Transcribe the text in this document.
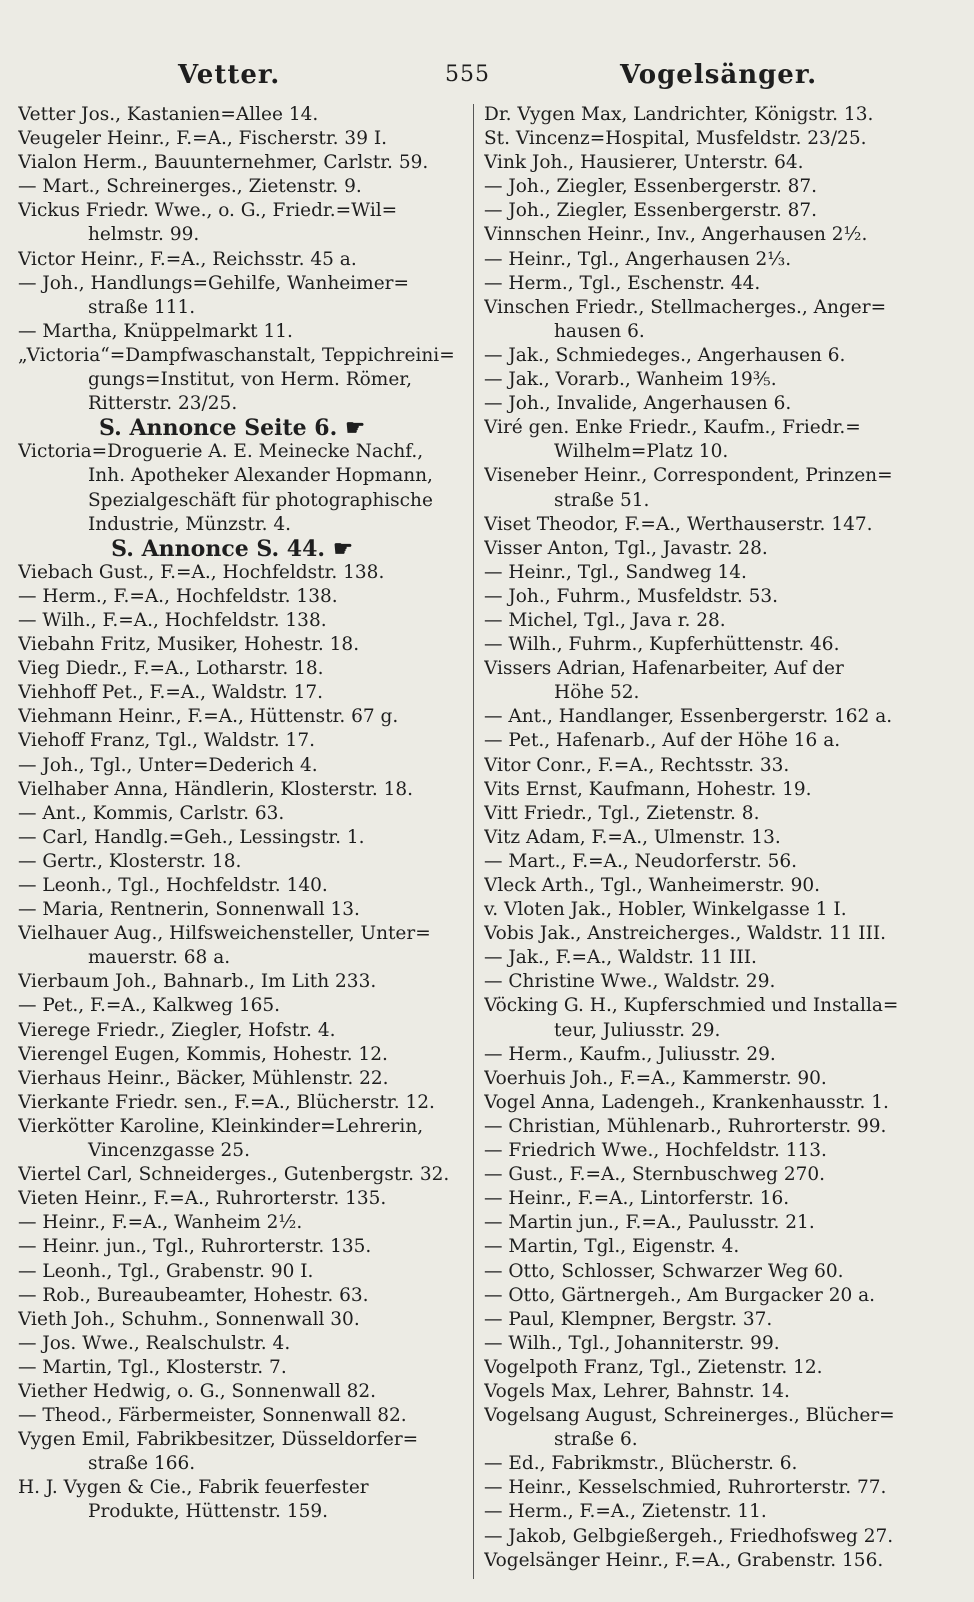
Vetter.	555	Vogelsänger.
Vetter Jos., Kastanien=Allee 14.
Veugeler Heinr., F.=A., Fischerstr. 39 I.
Vialon Herm., Bauunternehmer, Carlstr. 59.
— Mart., Schreinerges., Zietenstr. 9.
Vickus Friedr. Wwe., o. G., Friedr.=Wil=
helmstr. 99.
Victor Heinr., F.=A., Reichsstr. 45 a.
— Joh., Handlungs=Gehilfe, Wanheimer=
straße 111.
— Martha, Knüppelmarkt 11.
„Victoria“=Dampfwaschanstalt, Teppichreini=
gungs=Institut, von Herm. Römer,
Ritterstr. 23/25.
S. Annonce Seite 6. ☛
Victoria=Droguerie A. E. Meinecke Nachf.,
Inh. Apotheker Alexander Hopmann,
Spezialgeschäft für photographische
Industrie, Münzstr. 4.
S. Annonce S. 44. ☛
Viebach Gust., F.=A., Hochfeldstr. 138.
— Herm., F.=A., Hochfeldstr. 138.
— Wilh., F.=A., Hochfeldstr. 138.
Viebahn Fritz, Musiker, Hohestr. 18.
Vieg Diedr., F.=A., Lotharstr. 18.
Viehhoff Pet., F.=A., Waldstr. 17.
Viehmann Heinr., F.=A., Hüttenstr. 67 g.
Viehoff Franz, Tgl., Waldstr. 17.
— Joh., Tgl., Unter=Dederich 4.
Vielhaber Anna, Händlerin, Klosterstr. 18.
— Ant., Kommis, Carlstr. 63.
— Carl, Handlg.=Geh., Lessingstr. 1.
— Gertr., Klosterstr. 18.
— Leonh., Tgl., Hochfeldstr. 140.
— Maria, Rentnerin, Sonnenwall 13.
Vielhauer Aug., Hilfsweichensteller, Unter=
mauerstr. 68 a.
Vierbaum Joh., Bahnarb., Im Lith 233.
— Pet., F.=A., Kalkweg 165.
Vierege Friedr., Ziegler, Hofstr. 4.
Vierengel Eugen, Kommis, Hohestr. 12.
Vierhaus Heinr., Bäcker, Mühlenstr. 22.
Vierkante Friedr. sen., F.=A., Blücherstr. 12.
Vierkötter Karoline, Kleinkinder=Lehrerin,
Vincenzgasse 25.
Viertel Carl, Schneiderges., Gutenbergstr. 32.
Vieten Heinr., F.=A., Ruhrorterstr. 135.
— Heinr., F.=A., Wanheim 2½.
— Heinr. jun., Tgl., Ruhrorterstr. 135.
— Leonh., Tgl., Grabenstr. 90 I.
— Rob., Bureaubeamter, Hohestr. 63.
Vieth Joh., Schuhm., Sonnenwall 30.
— Jos. Wwe., Realschulstr. 4.
— Martin, Tgl., Klosterstr. 7.
Viether Hedwig, o. G., Sonnenwall 82.
— Theod., Färbermeister, Sonnenwall 82.
Vygen Emil, Fabrikbesitzer, Düsseldorfer=
straße 166.
H. J. Vygen & Cie., Fabrik feuerfester
Produkte, Hüttenstr. 159.
Dr. Vygen Max, Landrichter, Königstr. 13.
St. Vincenz=Hospital, Musfeldstr. 23/25.
Vink Joh., Hausierer, Unterstr. 64.
— Joh., Ziegler, Essenbergerstr. 87.
— Joh., Ziegler, Essenbergerstr. 87.
Vinnschen Heinr., Inv., Angerhausen 2½.
— Heinr., Tgl., Angerhausen 2⅓.
— Herm., Tgl., Eschenstr. 44.
Vinschen Friedr., Stellmacherges., Anger=
hausen 6.
— Jak., Schmiedeges., Angerhausen 6.
— Jak., Vorarb., Wanheim 19⅗.
— Joh., Invalide, Angerhausen 6.
Viré gen. Enke Friedr., Kaufm., Friedr.=
Wilhelm=Platz 10.
Viseneber Heinr., Correspondent, Prinzen=
straße 51.
Viset Theodor, F.=A., Werthauserstr. 147.
Visser Anton, Tgl., Javastr. 28.
— Heinr., Tgl., Sandweg 14.
— Joh., Fuhrm., Musfeldstr. 53.
— Michel, Tgl., Java r. 28.
— Wilh., Fuhrm., Kupferhüttenstr. 46.
Vissers Adrian, Hafenarbeiter, Auf der
Höhe 52.
— Ant., Handlanger, Essenbergerstr. 162 a.
— Pet., Hafenarb., Auf der Höhe 16 a.
Vitor Conr., F.=A., Rechtsstr. 33.
Vits Ernst, Kaufmann, Hohestr. 19.
Vitt Friedr., Tgl., Zietenstr. 8.
Vitz Adam, F.=A., Ulmenstr. 13.
— Mart., F.=A., Neudorferstr. 56.
Vleck Arth., Tgl., Wanheimerstr. 90.
v. Vloten Jak., Hobler, Winkelgasse 1 I.
Vobis Jak., Anstreicherges., Waldstr. 11 III.
— Jak., F.=A., Waldstr. 11 III.
— Christine Wwe., Waldstr. 29.
Vöcking G. H., Kupferschmied und Installa=
teur, Juliusstr. 29.
— Herm., Kaufm., Juliusstr. 29.
Voerhuis Joh., F.=A., Kammerstr. 90.
Vogel Anna, Ladengeh., Krankenhausstr. 1.
— Christian, Mühlenarb., Ruhrorterstr. 99.
— Friedrich Wwe., Hochfeldstr. 113.
— Gust., F.=A., Sternbuschweg 270.
— Heinr., F.=A., Lintorferstr. 16.
— Martin jun., F.=A., Paulusstr. 21.
— Martin, Tgl., Eigenstr. 4.
— Otto, Schlosser, Schwarzer Weg 60.
— Otto, Gärtnergeh., Am Burgacker 20 a.
— Paul, Klempner, Bergstr. 37.
— Wilh., Tgl., Johanniterstr. 99.
Vogelpoth Franz, Tgl., Zietenstr. 12.
Vogels Max, Lehrer, Bahnstr. 14.
Vogelsang August, Schreinerges., Blücher=
straße 6.
— Ed., Fabrikmstr., Blücherstr. 6.
— Heinr., Kesselschmied, Ruhrorterstr. 77.
— Herm., F.=A., Zietenstr. 11.
— Jakob, Gelbgießergeh., Friedhofsweg 27.
Vogelsänger Heinr., F.=A., Grabenstr. 156.
